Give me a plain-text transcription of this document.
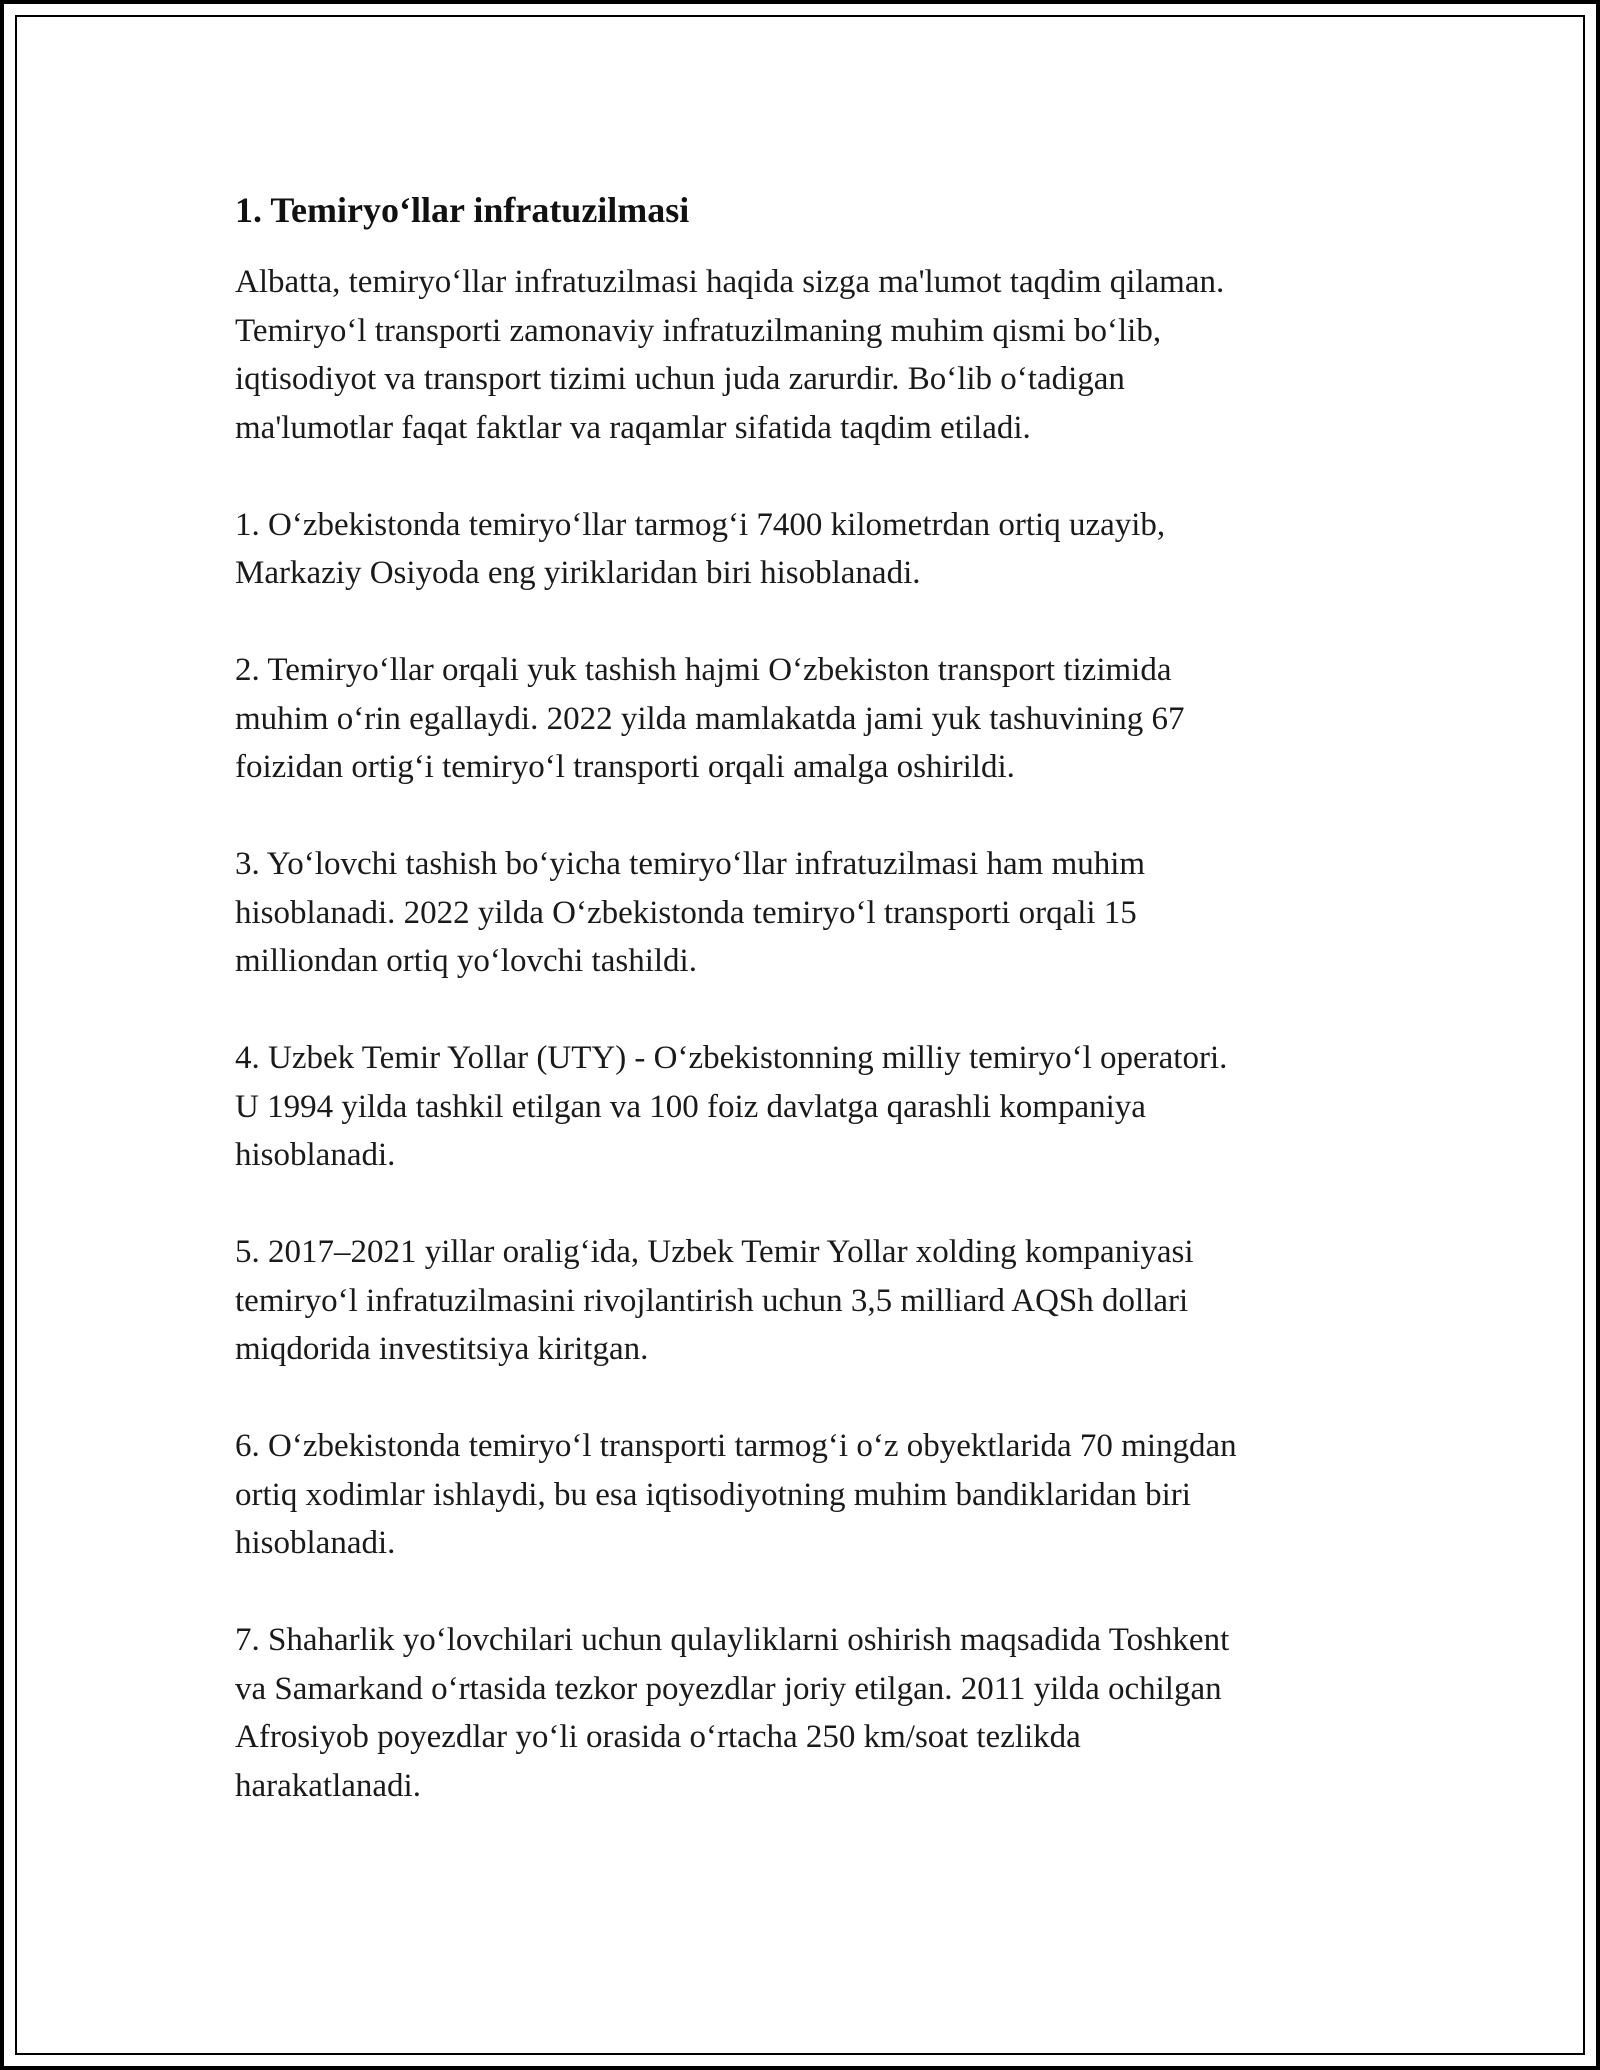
1. Temiryo‘llar infratuzilmasi

Albatta, temiryo‘llar infratuzilmasi haqida sizga ma'lumot taqdim qilaman.
Temiryo‘l transporti zamonaviy infratuzilmaning muhim qismi bo‘lib,
iqtisodiyot va transport tizimi uchun juda zarurdir. Bo‘lib o‘tadigan
ma'lumotlar faqat faktlar va raqamlar sifatida taqdim etiladi.

1. O‘zbekistonda temiryo‘llar tarmog‘i 7400 kilometrdan ortiq uzayib,
Markaziy Osiyoda eng yiriklaridan biri hisoblanadi.

2. Temiryo‘llar orqali yuk tashish hajmi O‘zbekiston transport tizimida
muhim o‘rin egallaydi. 2022 yilda mamlakatda jami yuk tashuvining 67
foizidan ortig‘i temiryo‘l transporti orqali amalga oshirildi.

3. Yo‘lovchi tashish bo‘yicha temiryo‘llar infratuzilmasi ham muhim
hisoblanadi. 2022 yilda O‘zbekistonda temiryo‘l transporti orqali 15
milliondan ortiq yo‘lovchi tashildi.

4. Uzbek Temir Yollar (UTY) - O‘zbekistonning milliy temiryo‘l operatori.
U 1994 yilda tashkil etilgan va 100 foiz davlatga qarashli kompaniya
hisoblanadi.

5. 2017–2021 yillar oralig‘ida, Uzbek Temir Yollar xolding kompaniyasi
temiryo‘l infratuzilmasini rivojlantirish uchun 3,5 milliard AQSh dollari
miqdorida investitsiya kiritgan.

6. O‘zbekistonda temiryo‘l transporti tarmog‘i o‘z obyektlarida 70 mingdan
ortiq xodimlar ishlaydi, bu esa iqtisodiyotning muhim bandiklaridan biri
hisoblanadi.

7. Shaharlik yo‘lovchilari uchun qulayliklarni oshirish maqsadida Toshkent
va Samarkand o‘rtasida tezkor poyezdlar joriy etilgan. 2011 yilda ochilgan
Afrosiyob poyezdlar yo‘li orasida o‘rtacha 250 km/soat tezlikda
harakatlanadi.
